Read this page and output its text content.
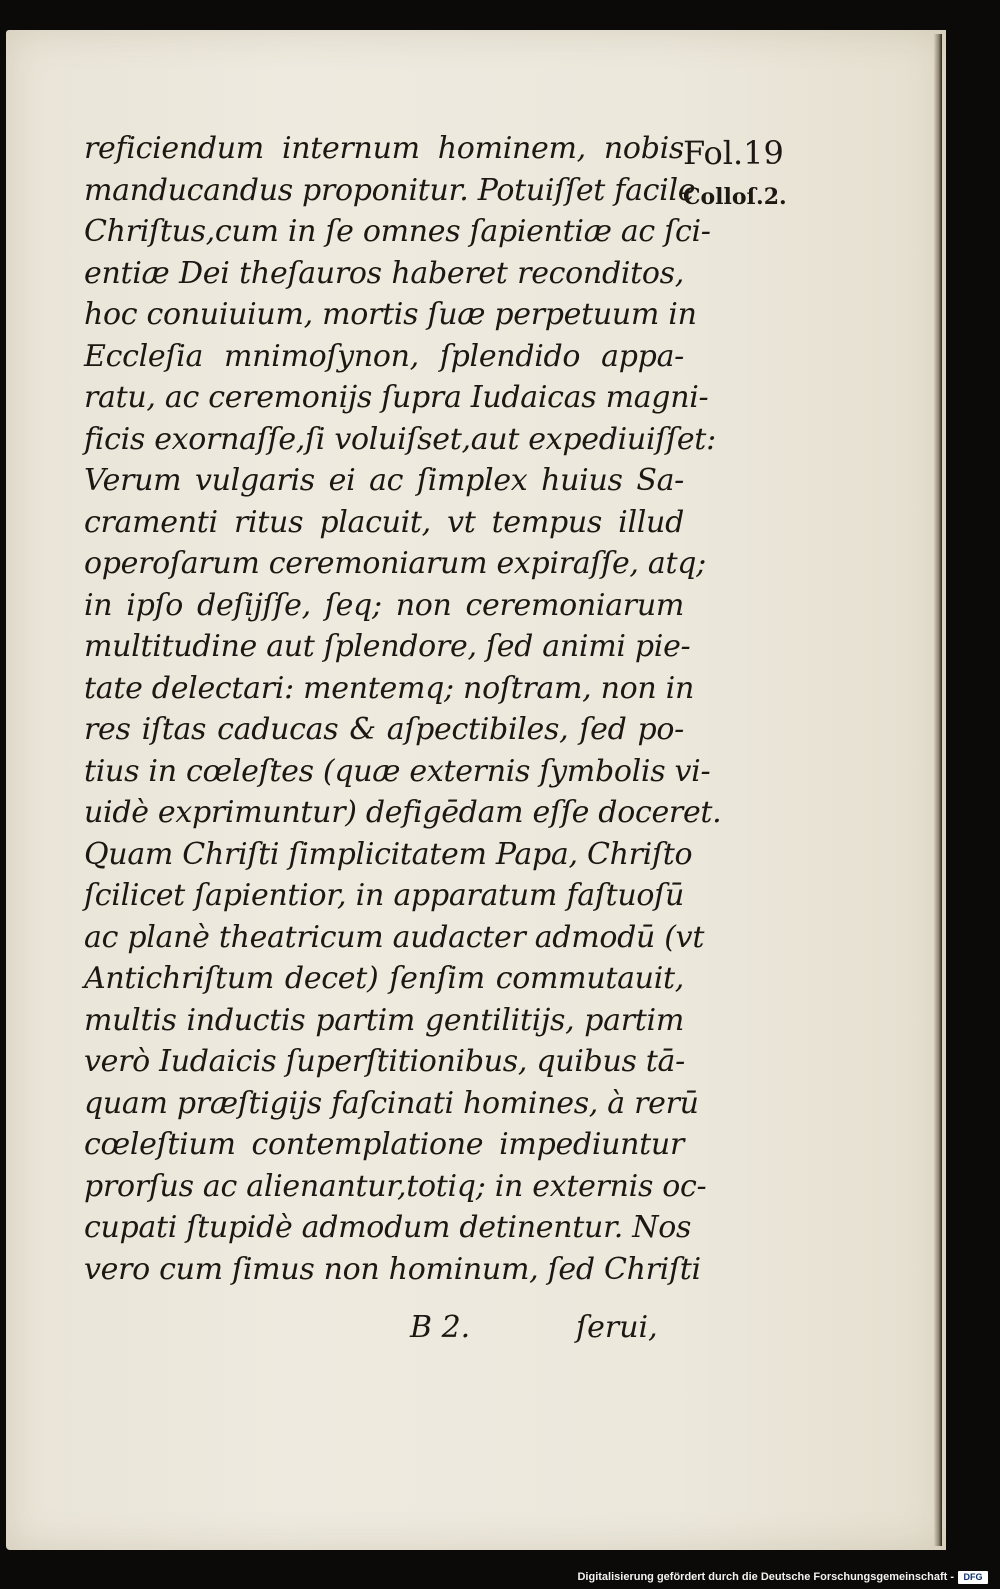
reficiendum internum hominem, nobis
manducandus proponitur. Potuiſſet facile
Chriſtus,cum in ſe omnes ſapientiæ ac ſci-
entiæ Dei theſauros haberet reconditos,
hoc conuiuium, mortis ſuæ perpetuum in
Eccleſia mnimoſynon, ſplendido appa-
ratu, ac ceremonijs ſupra Iudaicas magni-
ficis exornaſſe,ſi voluiſset,aut expediuiſſet:
Verum vulgaris ei ac ſimplex huius Sa-
cramenti ritus placuit, vt tempus illud
operoſarum ceremoniarum expiraſſe, atq;
in ipſo deſijſſe, ſeq; non ceremoniarum
multitudine aut ſplendore, ſed animi pie-
tate delectari: mentemq; noſtram, non in
res iſtas caducas & aſpectibiles, ſed po-
tius in cœleſtes (quæ externis ſymbolis vi-
uidè exprimuntur) defigēdam eſſe doceret.
Quam Chriſti ſimplicitatem Papa, Chriſto
ſcilicet ſapientior, in apparatum faſtuoſū
ac planè theatricum audacter admodū (vt
Antichriſtum decet) ſenſim commutauit,
multis inductis partim gentilitijs, partim
verò Iudaicis ſuperſtitionibus, quibus tā-
quam præſtigijs faſcinati homines, à rerū
cœleſtium contemplatione impediuntur
prorſus ac alienantur,totiq; in externis oc-
cupati ſtupidè admodum detinentur. Nos
vero cum ſimus non hominum, ſed Chriſti
Fol.19
Colloſ.2.
B 2.	ſerui,
Digitalisierung gefördert durch die Deutsche Forschungsgemeinschaft -	DFG
